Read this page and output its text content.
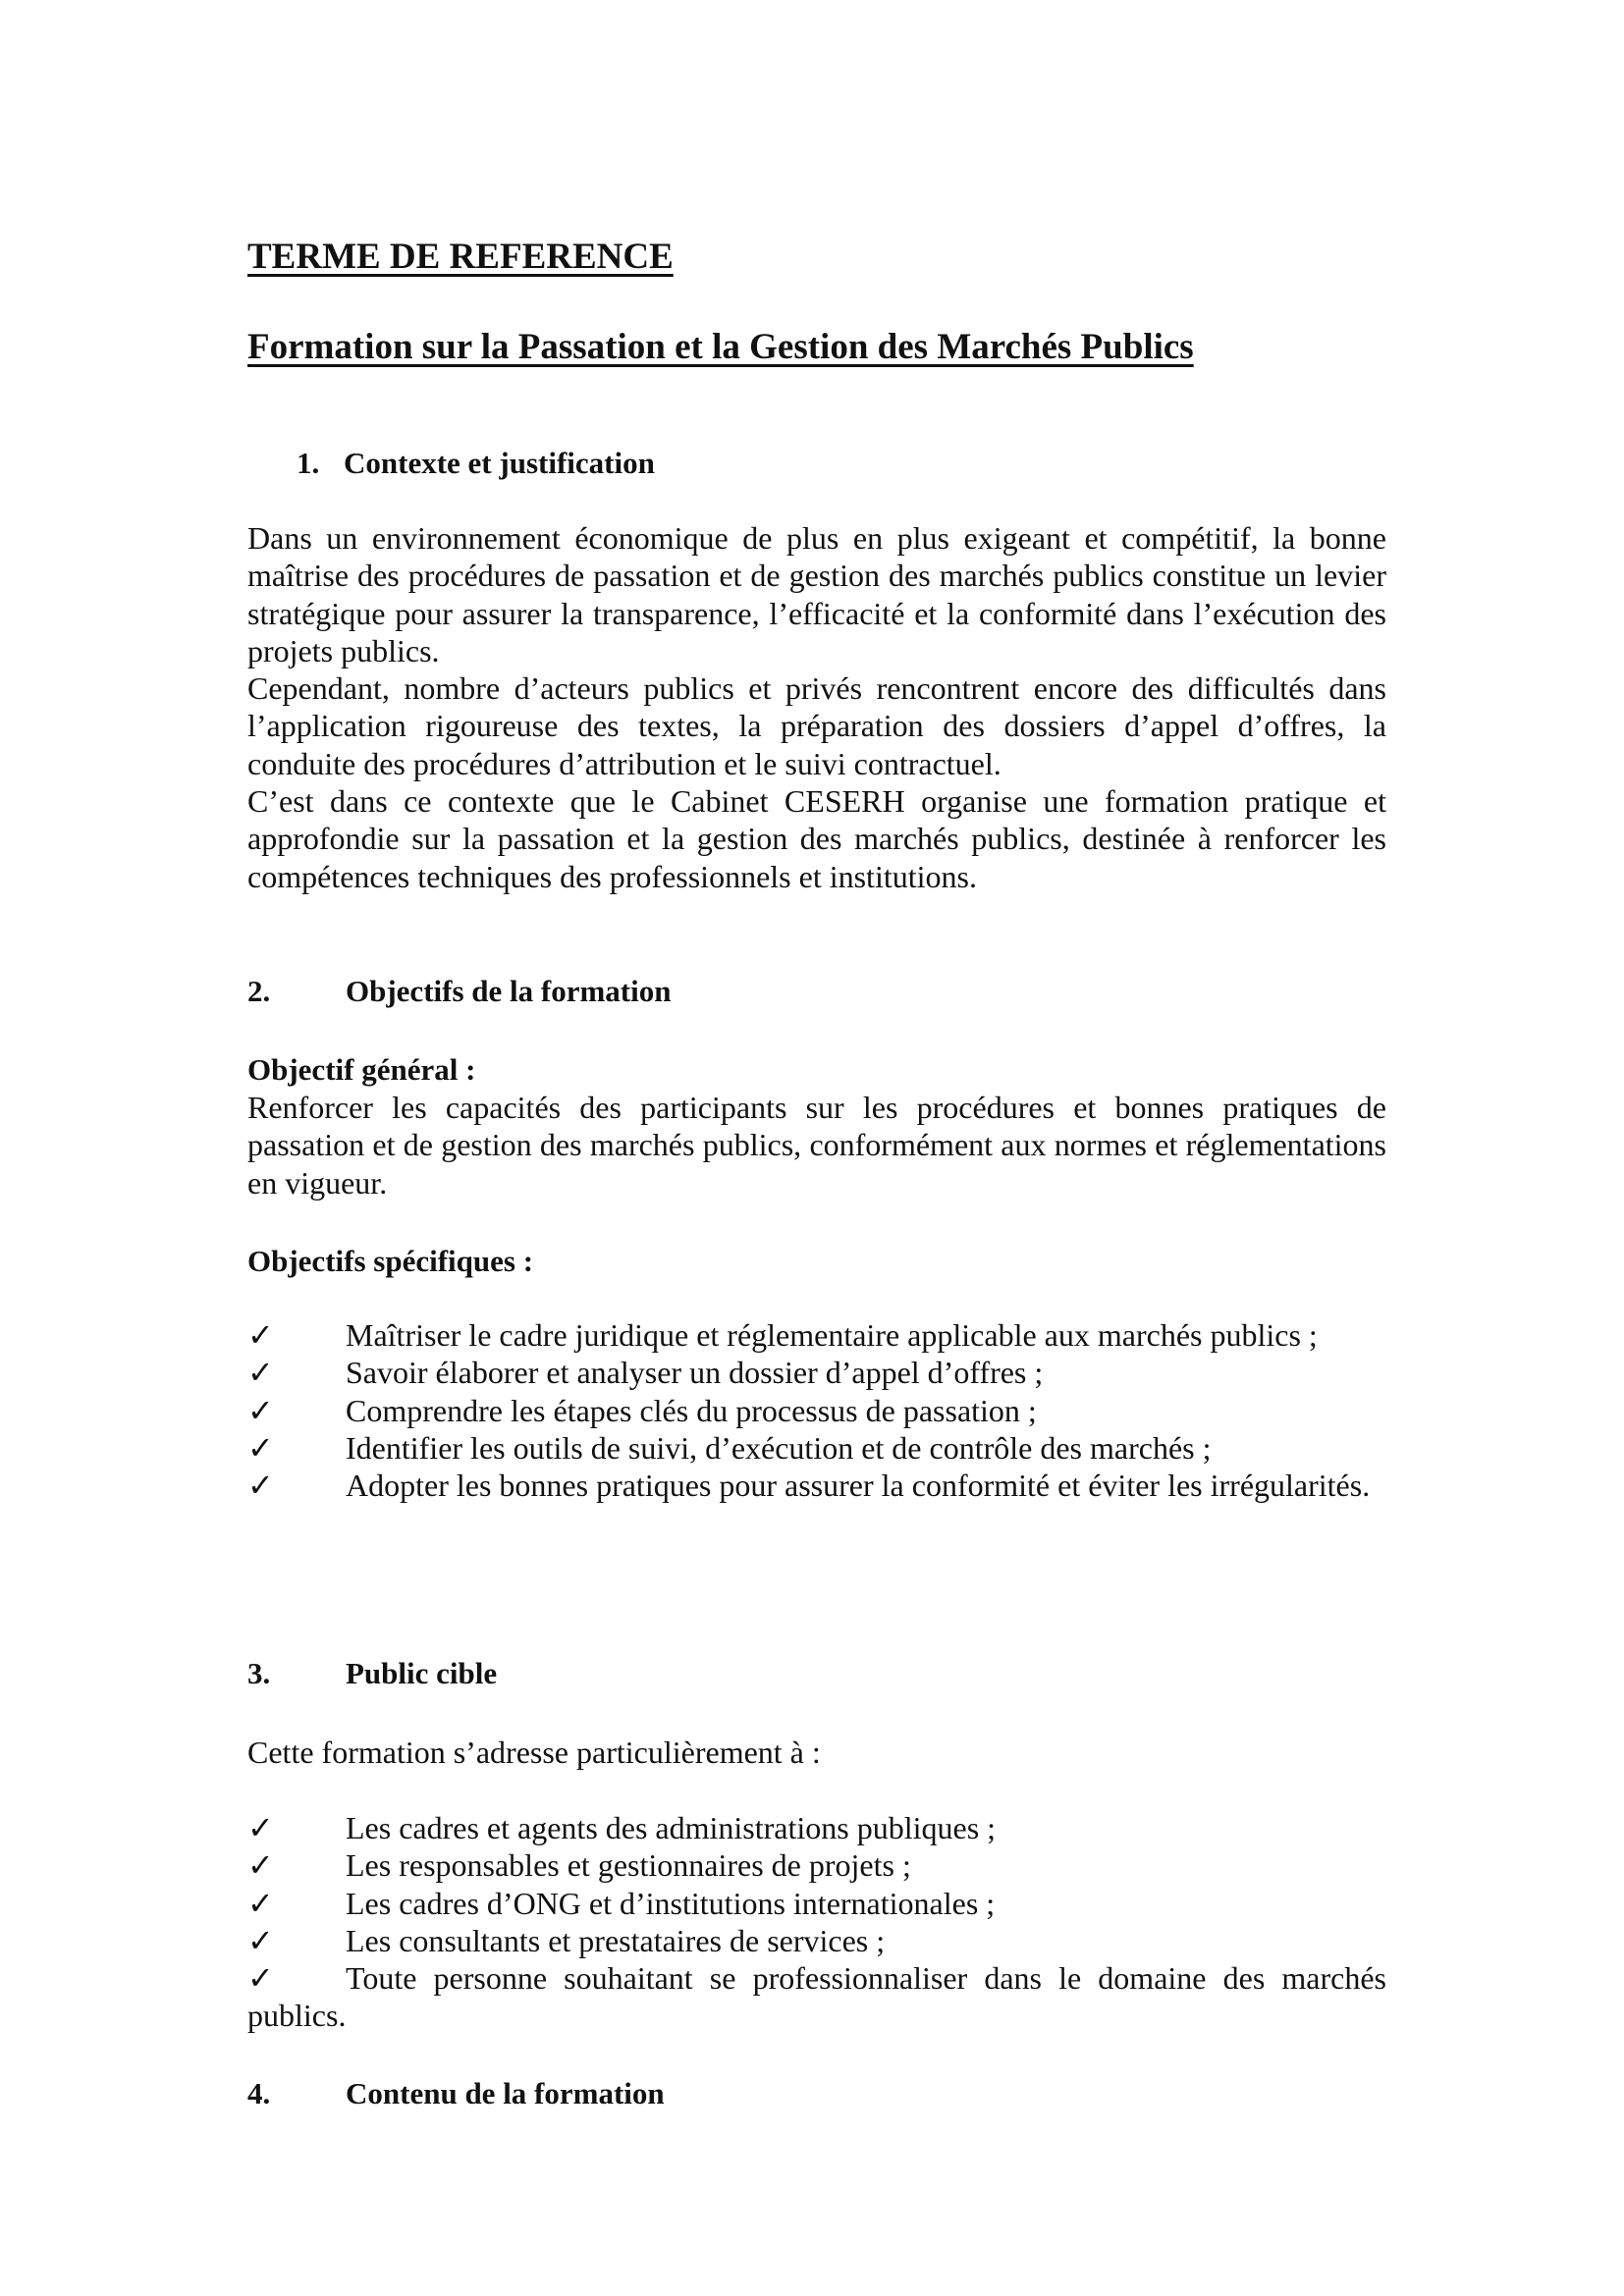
TERME DE REFERENCE
Formation sur la Passation et la Gestion des Marchés Publics
1. Contexte et justification

Dans un environnement économique de plus en plus exigeant et compétitif, la bonne maîtrise des procédures de passation et de gestion des marchés publics constitue un levier stratégique pour assurer la transparence, l’efficacité et la conformité dans l’exécution des projets publics.

Cependant, nombre d’acteurs publics et privés rencontrent encore des difficultés dans l’application rigoureuse des textes, la préparation des dossiers d’appel d’offres, la conduite des procédures d’attribution et le suivi contractuel.

C’est dans ce contexte que le Cabinet CESERH organise une formation pratique et approfondie sur la passation et la gestion des marchés publics, destinée à renforcer les compétences techniques des professionnels et institutions.

2.	Objectifs de la formation
Objectif général :
Renforcer les capacités des participants sur les procédures et bonnes pratiques de passation et de gestion des marchés publics, conformément aux normes et réglementations en vigueur.
Objectifs spécifiques :
✓	Maîtriser le cadre juridique et réglementaire applicable aux marchés publics ;
✓	Savoir élaborer et analyser un dossier d’appel d’offres ;
✓	Comprendre les étapes clés du processus de passation ;
✓	Identifier les outils de suivi, d’exécution et de contrôle des marchés ;
✓ Adopter les bonnes pratiques pour assurer la conformité et éviter les irrégularités.
3.	Public cible
Cette formation s’adresse particulièrement à :
✓	Les cadres et agents des administrations publiques ;
✓	Les responsables et gestionnaires de projets ;
✓	Les cadres d’ONG et d’institutions internationales ;
✓	Les consultants et prestataires de services ;
✓ Toute personne souhaitant se professionnaliser dans le domaine des marchés publics.
4.	Contenu de la formation
